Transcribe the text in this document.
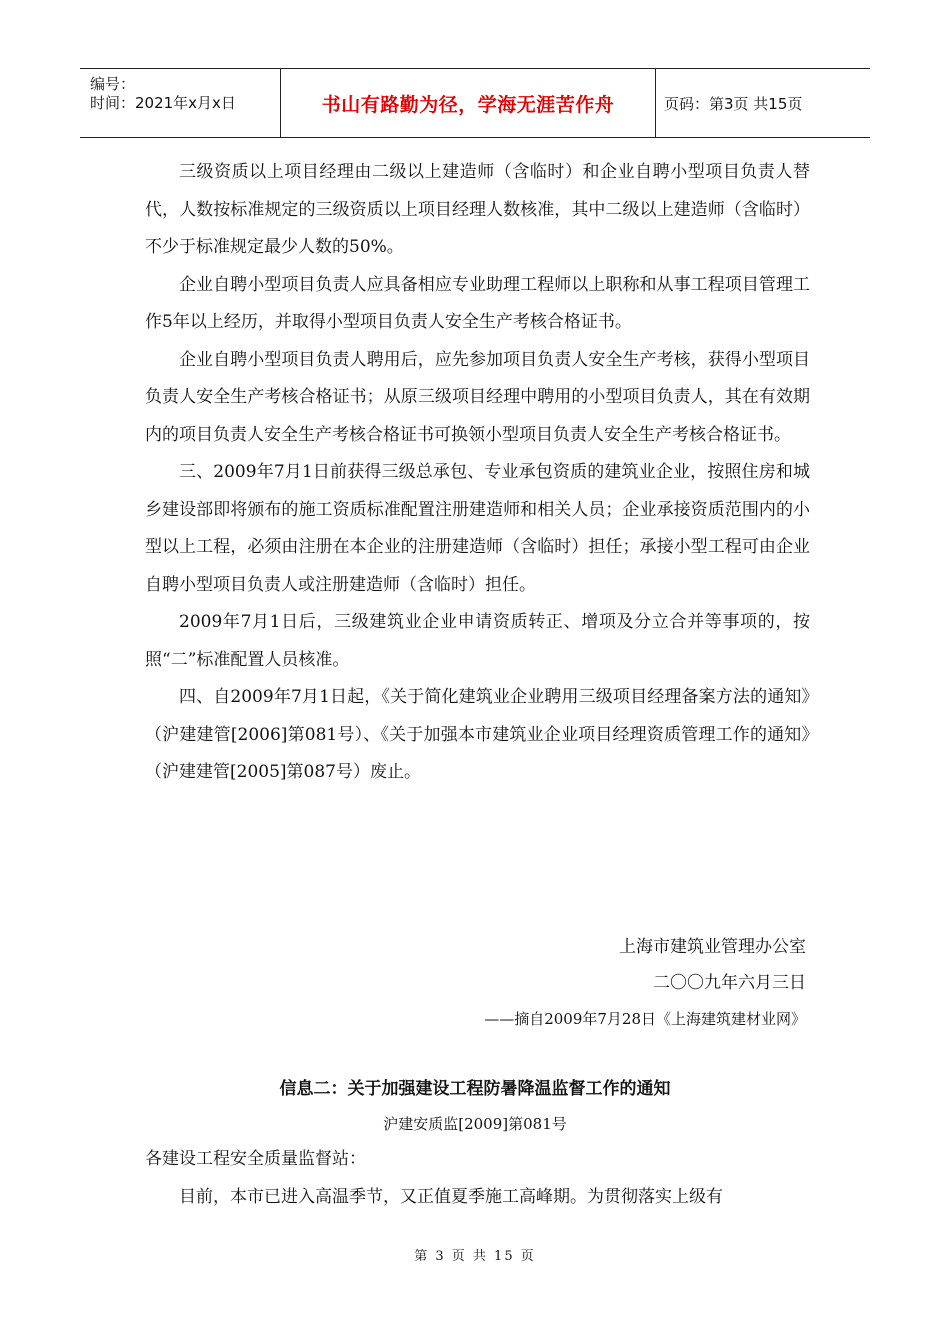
编号：
时间：2021年x月x日	书山有路勤为径，学海无涯苦作舟	页码：第3页 共15页

三级资质以上项目经理由二级以上建造师（含临时）和企业自聘小型项目负责人替代，人数按标准规定的三级资质以上项目经理人数核准，其中二级以上建造师（含临时）不少于标准规定最少人数的50%。

企业自聘小型项目负责人应具备相应专业助理工程师以上职称和从事工程项目管理工作5年以上经历，并取得小型项目负责人安全生产考核合格证书。

企业自聘小型项目负责人聘用后，应先参加项目负责人安全生产考核，获得小型项目负责人安全生产考核合格证书；从原三级项目经理中聘用的小型项目负责人，其在有效期内的项目负责人安全生产考核合格证书可换领小型项目负责人安全生产考核合格证书。

三、2009年7月1日前获得三级总承包、专业承包资质的建筑业企业，按照住房和城乡建设部即将颁布的施工资质标准配置注册建造师和相关人员；企业承接资质范围内的小型以上工程，必须由注册在本企业的注册建造师（含临时）担任；承接小型工程可由企业自聘小型项目负责人或注册建造师（含临时）担任。

2009年7月1日后，三级建筑业企业申请资质转正、增项及分立合并等事项的，按照“二”标准配置人员核准。

四、自2009年7月1日起，《关于简化建筑业企业聘用三级项目经理备案方法的通知》（沪建建管[2006]第081号）、《关于加强本市建筑业企业项目经理资质管理工作的通知》（沪建建管[2005]第087号）废止。

上海市建筑业管理办公室
二〇〇九年六月三日
——摘自2009年7月28日《上海建筑建材业网》
信息二：关于加强建设工程防暑降温监督工作的通知
沪建安质监[2009]第081号

各建设工程安全质量监督站：

目前，本市已进入高温季节，又正值夏季施工高峰期。为贯彻落实上级有

第 3 页 共 15 页
